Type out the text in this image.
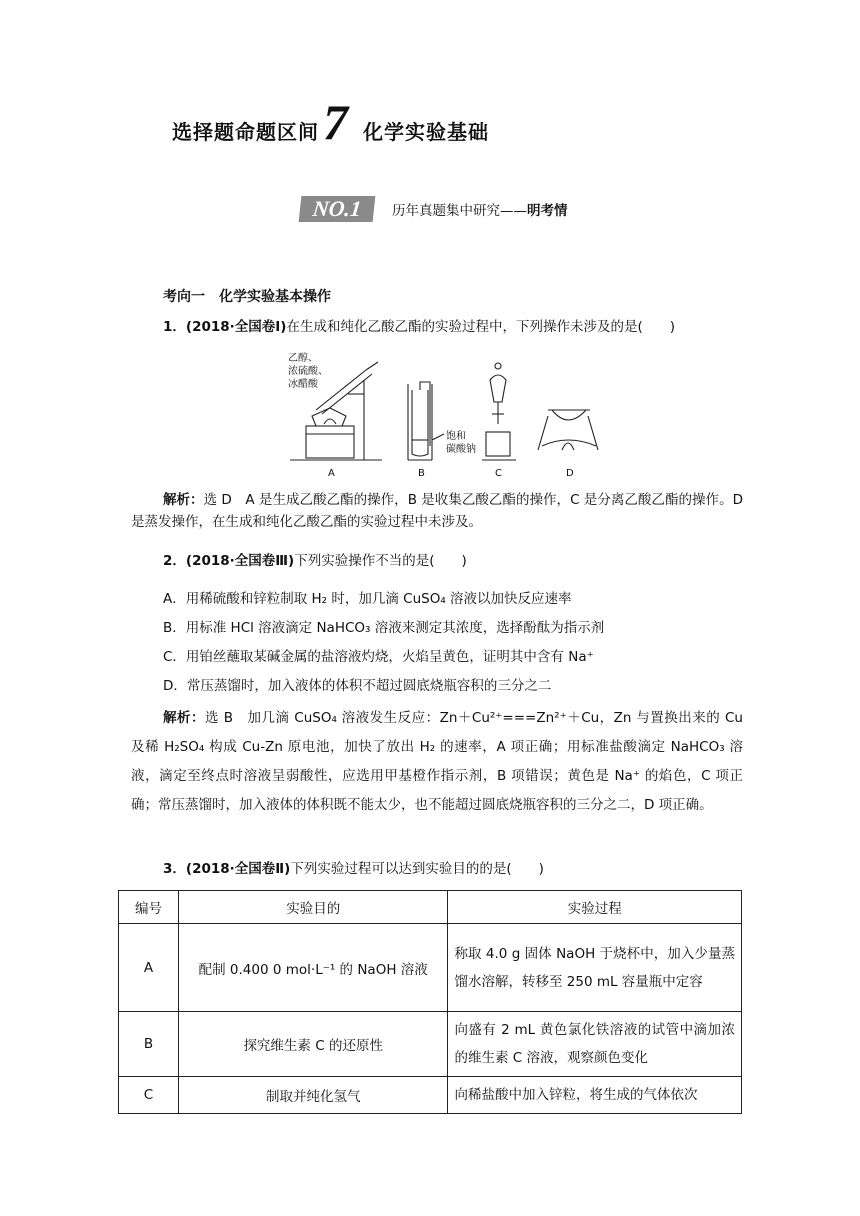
选择题命题区间 7 化学实验基础
NO.1	历年真题集中研究——明考情
考向一　化学实验基本操作
1．(2018·全国卷Ⅰ)在生成和纯化乙酸乙酯的实验过程中，下列操作未涉及的是(　　)
乙醇、
浓硫酸、
冰醋酸
饱和
碳酸钠
A	B	C	D
解析：选 D　A 是生成乙酸乙酯的操作，B 是收集乙酸乙酯的操作，C 是分离乙酸乙酯的操作。D 是蒸发操作，在生成和纯化乙酸乙酯的实验过程中未涉及。
2．(2018·全国卷Ⅲ)下列实验操作不当的是(　　)
A．用稀硫酸和锌粒制取 H₂ 时，加几滴 CuSO₄ 溶液以加快反应速率
B．用标准 HCl 溶液滴定 NaHCO₃ 溶液来测定其浓度，选择酚酞为指示剂
C．用铂丝蘸取某碱金属的盐溶液灼烧，火焰呈黄色，证明其中含有 Na⁺
D．常压蒸馏时，加入液体的体积不超过圆底烧瓶容积的三分之二
解析：选 B　加几滴 CuSO₄ 溶液发生反应：Zn＋Cu²⁺===Zn²⁺＋Cu，Zn 与置换出来的 Cu 及稀 H₂SO₄ 构成 Cu-Zn 原电池，加快了放出 H₂ 的速率，A 项正确；用标准盐酸滴定 NaHCO₃ 溶液，滴定至终点时溶液呈弱酸性，应选用甲基橙作指示剂，B 项错误；黄色是 Na⁺ 的焰色，C 项正确；常压蒸馏时，加入液体的体积既不能太少，也不能超过圆底烧瓶容积的三分之二，D 项正确。
3．(2018·全国卷Ⅱ)下列实验过程可以达到实验目的的是(　　)
编号	实验目的	实验过程
A	配制 0.400 0 mol·L⁻¹ 的 NaOH 溶液	称取 4.0 g 固体 NaOH 于烧杯中，加入少量蒸馏水溶解，转移至 250 mL 容量瓶中定容
B	探究维生素 C 的还原性	向盛有 2 mL 黄色氯化铁溶液的试管中滴加浓的维生素 C 溶液，观察颜色变化
C	制取并纯化氢气	向稀盐酸中加入锌粒，将生成的气体依次
